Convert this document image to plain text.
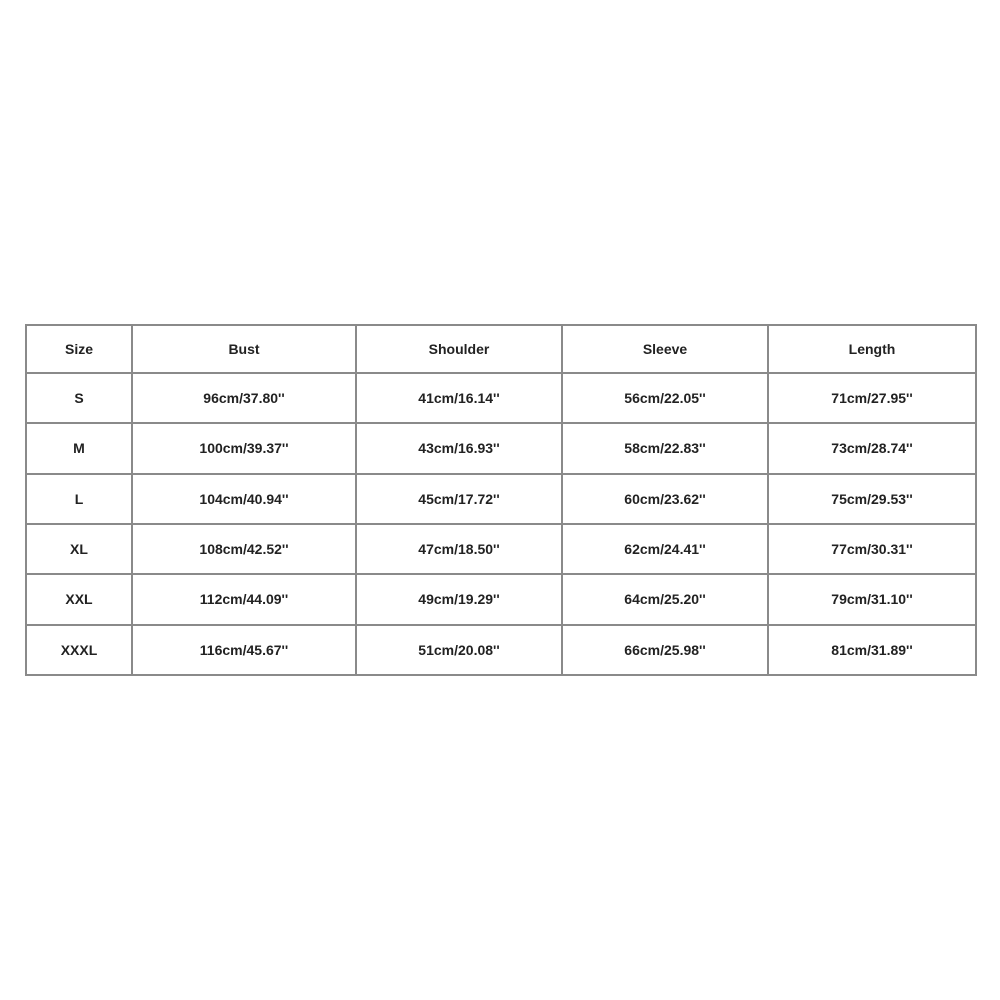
Size	Bust	Shoulder	Sleeve	Length
S	96cm/37.80''	41cm/16.14''	56cm/22.05''	71cm/27.95''
M	100cm/39.37''	43cm/16.93''	58cm/22.83''	73cm/28.74''
L	104cm/40.94''	45cm/17.72''	60cm/23.62''	75cm/29.53''
XL	108cm/42.52''	47cm/18.50''	62cm/24.41''	77cm/30.31''
XXL	112cm/44.09''	49cm/19.29''	64cm/25.20''	79cm/31.10''
XXXL	116cm/45.67''	51cm/20.08''	66cm/25.98''	81cm/31.89''
